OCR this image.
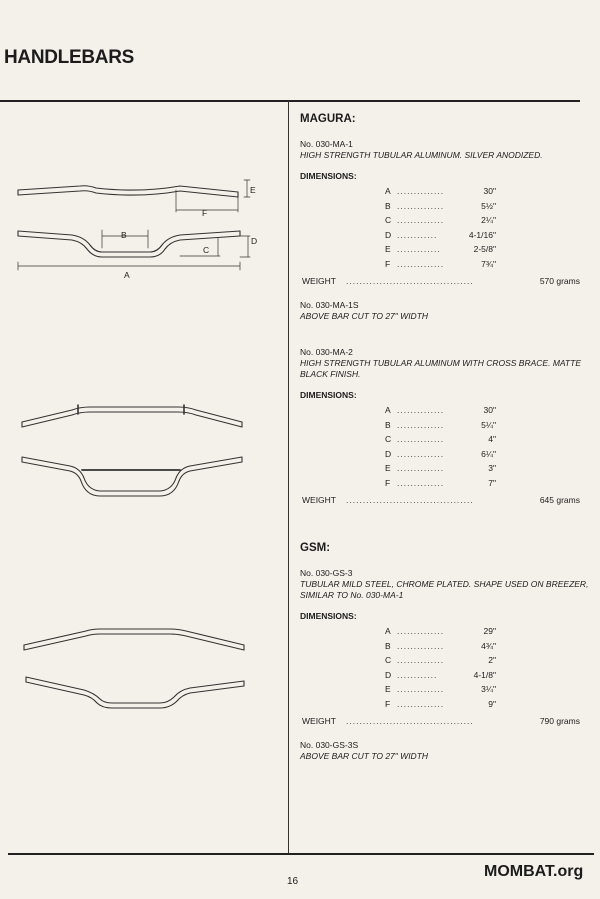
HANDLEBARS
E
F
B
C
D
A
MAGURA:
No. 030-MA-1
HIGH STRENGTH TUBULAR ALUMINUM. SILVER ANODIZED.
DIMENSIONS:
A ..............	30"
B ..............	5½"
C ..............	2¼"
D ............	4-1/16"
E .............	2-5/8"
F ..............	7¾"
WEIGHT ......................................	570 grams
No. 030-MA-1S
ABOVE BAR CUT TO 27" WIDTH
No. 030-MA-2
HIGH STRENGTH TUBULAR ALUMINUM WITH CROSS BRACE. MATTE BLACK FINISH.
DIMENSIONS:
A ..............	30"
B ..............	5¼"
C ..............	4"
D ..............	6¼"
E ..............	3"
F ..............	7"
WEIGHT ......................................	645 grams
GSM:
No. 030-GS-3
TUBULAR MILD STEEL, CHROME PLATED. SHAPE USED ON BREEZER, SIMILAR TO No. 030-MA-1
DIMENSIONS:
A ..............	29"
B ..............	4¾"
C ..............	2"
D ............	4-1/8"
E ..............	3¼"
F ..............	9"
WEIGHT ......................................	790 grams
No. 030-GS-3S
ABOVE BAR CUT TO 27" WIDTH
MOMBAT.org
16
